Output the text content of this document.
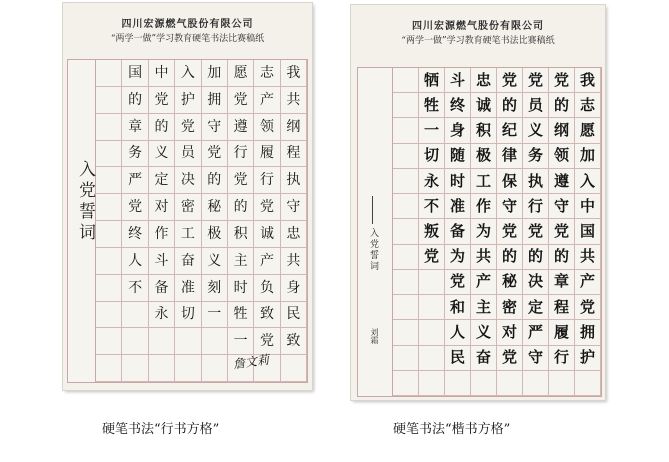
四川宏源燃气股份有限公司
“两学一做”学习教育硬笔书法比赛稿纸
入党誓词
国 中 入 加 愿 志 我
的 党 护 拥 党 产 共
章 的 党 守 遵 领 纲
务 义 员 党 行 履 程
严 定 决 的 党 行 执
党 对 密 秘 的 党 守
终 作 工 极 积 诚 忠
人 斗 奋 义 主 产 共
不 备 准 刻 时 负 身
永 切 一 牲 致 民
一 党 致
詹文莉
四川宏源燃气股份有限公司
“两学一做”学习教育硬笔书法比赛稿纸
入党誓词
刘霜
牺 斗 忠 党 党 党 我
牲 终 诚 的 员 的 志
一 身 积 纪 义 纲 愿
切 随 极 律 务 领 加
永 时 工 保 执 遵 入
不 准 作 守 行 守 中
叛 备 为 党 党 党 国
党 为 共 的 的 的 共
党 产 秘 决 章 产
和 主 密 定 程 党
人 义 对 严 履 拥
民 奋 党 守 行 护
硬笔书法“行书方格”	硬笔书法“楷书方格”
